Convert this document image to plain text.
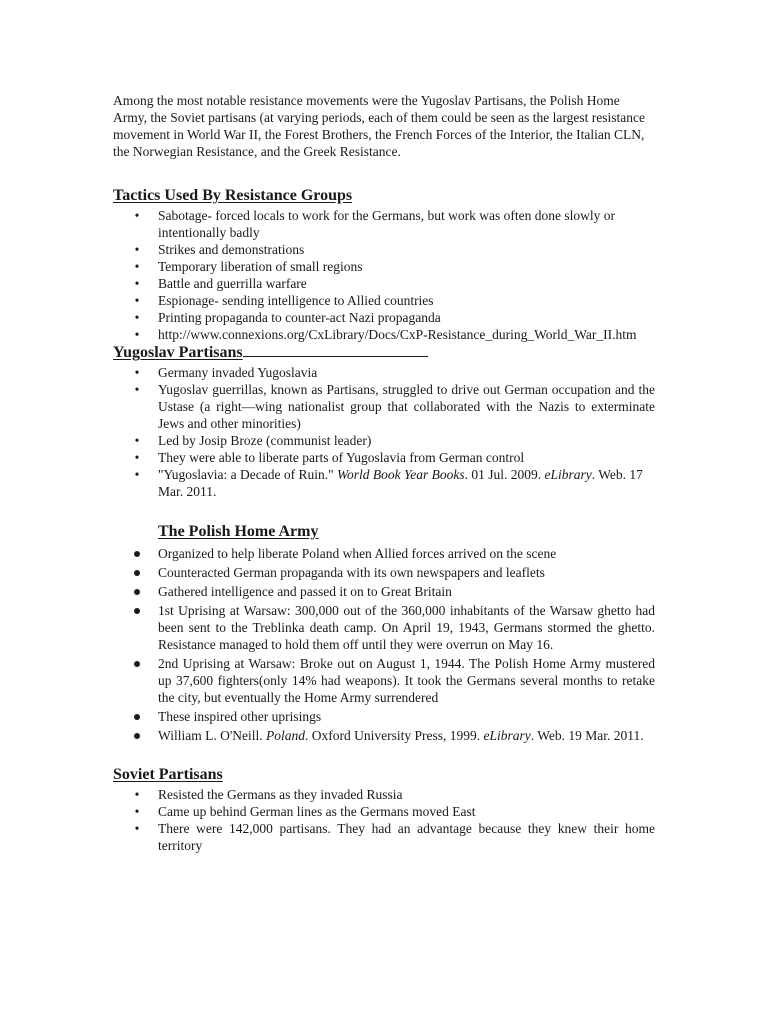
Among the most notable resistance movements were the Yugoslav Partisans, the Polish Home Army, the Soviet partisans (at varying periods, each of them could be seen as the largest resistance movement in World War II, the Forest Brothers, the French Forces of the Interior, the Italian CLN, the Norwegian Resistance, and the Greek Resistance.

Tactics Used By Resistance Groups
• Sabotage- forced locals to work for the Germans, but work was often done slowly or intentionally badly
• Strikes and demonstrations
• Temporary liberation of small regions
• Battle and guerrilla warfare
• Espionage- sending intelligence to Allied countries
• Printing propaganda to counter-act Nazi propaganda
• http://www.connexions.org/CxLibrary/Docs/CxP-Resistance_during_World_War_II.htm
Yugoslav Partisans
• Germany invaded Yugoslavia
• Yugoslav guerrillas, known as Partisans, struggled to drive out German occupation and the Ustase (a right—wing nationalist group that collaborated with the Nazis to exterminate Jews and other minorities)
• Led by Josip Broze (communist leader)
• They were able to liberate parts of Yugoslavia from German control
• "Yugoslavia: a Decade of Ruin." World Book Year Books. 01 Jul. 2009. eLibrary. Web. 17 Mar. 2011.
The Polish Home Army
Organized to help liberate Poland when Allied forces arrived on the scene
Counteracted German propaganda with its own newspapers and leaflets
Gathered intelligence and passed it on to Great Britain
1st Uprising at Warsaw: 300,000 out of the 360,000 inhabitants of the Warsaw ghetto had been sent to the Treblinka death camp. On April 19, 1943, Germans stormed the ghetto. Resistance managed to hold them off until they were overrun on May 16.
2nd Uprising at Warsaw: Broke out on August 1, 1944. The Polish Home Army mustered up 37,600 fighters(only 14% had weapons). It took the Germans several months to retake the city, but eventually the Home Army surrendered
These inspired other uprisings
William L. O'Neill. Poland. Oxford University Press, 1999. eLibrary. Web. 19 Mar. 2011.
Soviet Partisans
• Resisted the Germans as they invaded Russia
• Came up behind German lines as the Germans moved East
• There were 142,000 partisans. They had an advantage because they knew their home territory
